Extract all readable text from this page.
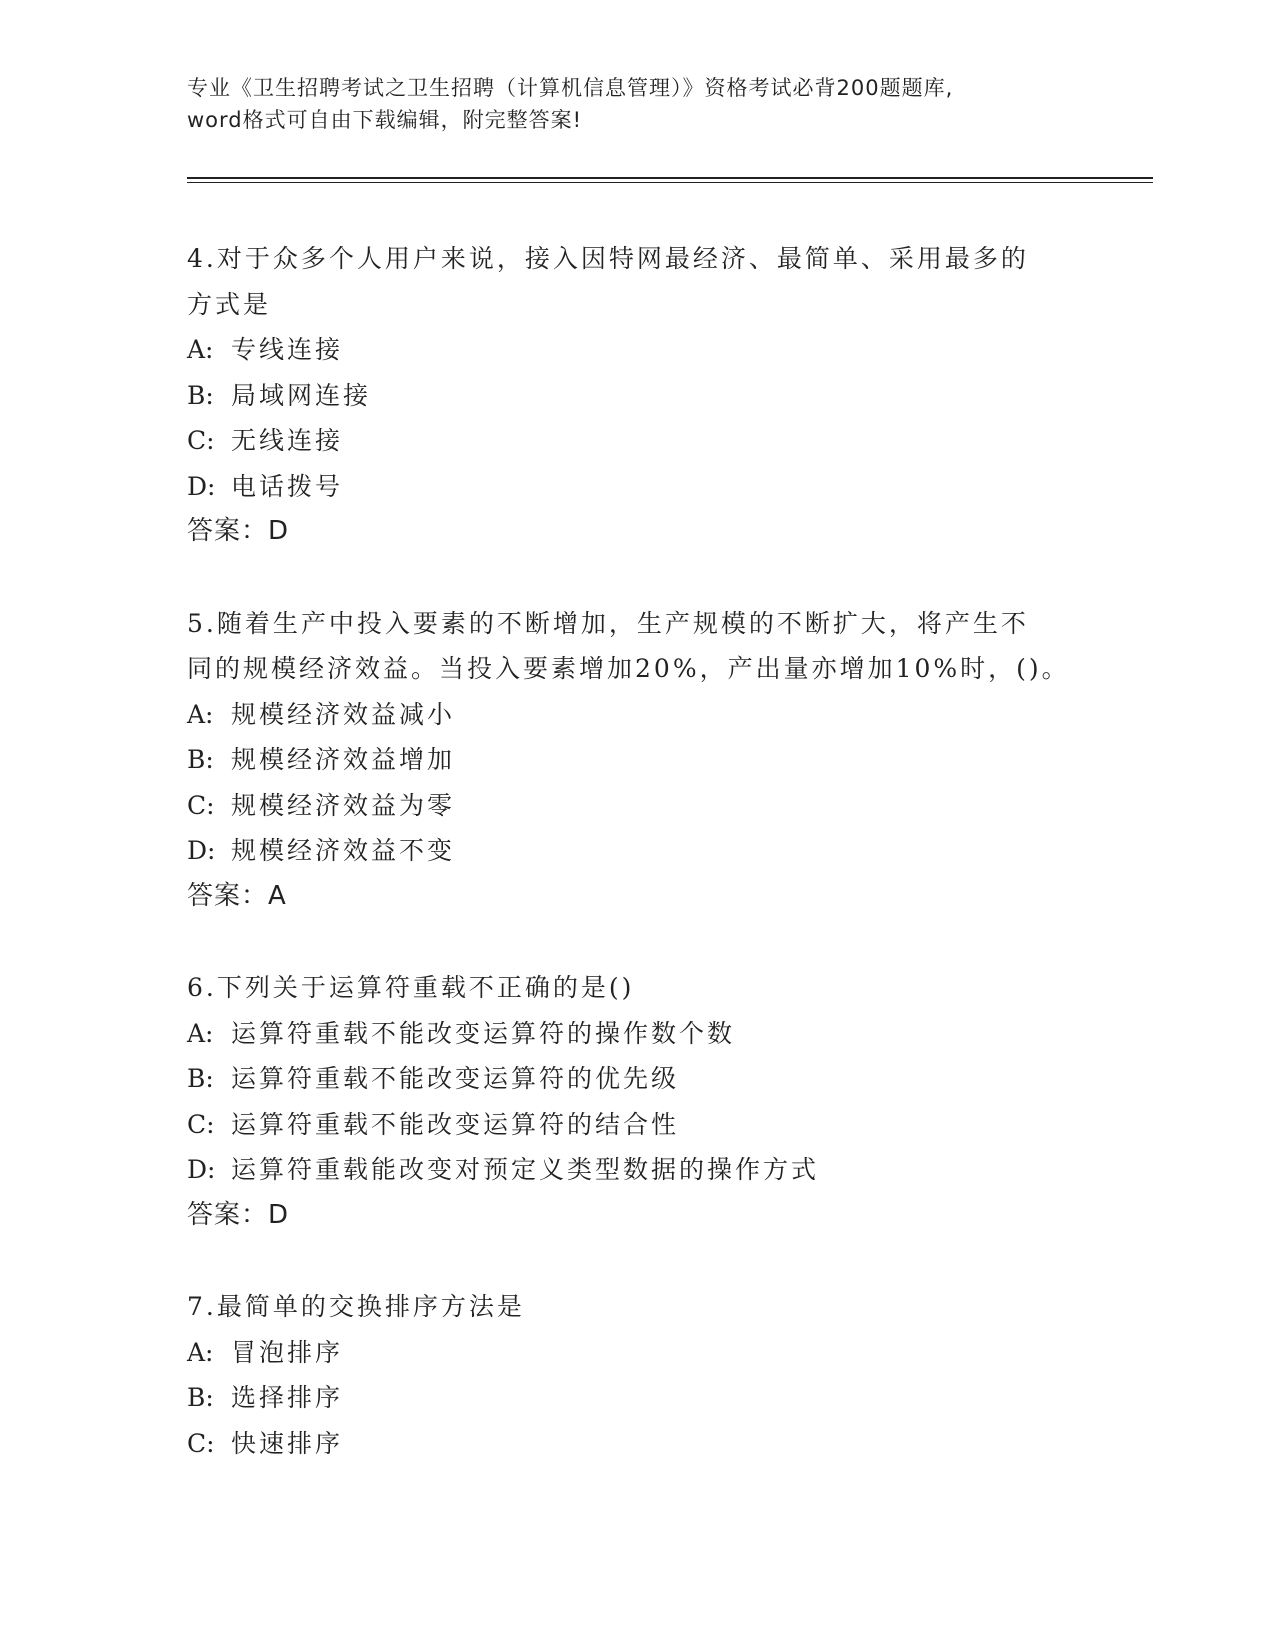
专业《卫生招聘考试之卫生招聘（计算机信息管理）》资格考试必背200题题库,
word格式可自由下载编辑，附完整答案!
4.对于众多个人用户来说，接入因特网最经济、最简单、采用最多的
方式是
A: 专线连接
B: 局域网连接
C: 无线连接
D: 电话拨号
答案：D
5.随着生产中投入要素的不断增加，生产规模的不断扩大，将产生不
同的规模经济效益。当投入要素增加20%，产出量亦增加10%时，()。
A: 规模经济效益减小
B: 规模经济效益增加
C: 规模经济效益为零
D: 规模经济效益不变
答案：A
6.下列关于运算符重载不正确的是()
A: 运算符重载不能改变运算符的操作数个数
B: 运算符重载不能改变运算符的优先级
C: 运算符重载不能改变运算符的结合性
D: 运算符重载能改变对预定义类型数据的操作方式
答案：D
7.最简单的交换排序方法是
A: 冒泡排序
B: 选择排序
C: 快速排序
